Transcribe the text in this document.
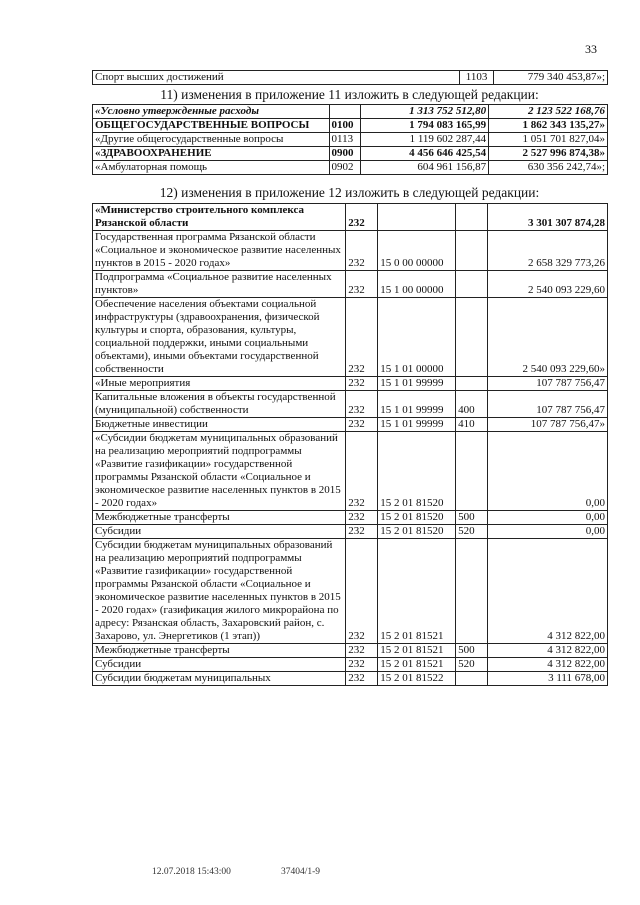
33
Спорт высших достижений	1103	779 340 453,87»;
11) изменения в приложение 11 изложить в следующей редакции:
«Условно утвержденные расходы		1 313 752 512,80	2 123 522 168,76
ОБЩЕГОСУДАРСТВЕННЫЕ ВОПРОСЫ	0100	1 794 083 165,99	1 862 343 135,27»
«Другие общегосударственные вопросы	0113	1 119 602 287,44	1 051 701 827,04»
«ЗДРАВООХРАНЕНИЕ	0900	4 456 646 425,54	2 527 996 874,38»
«Амбулаторная помощь	0902	604 961 156,87	630 356 242,74»;
12) изменения в приложение 12 изложить в следующей редакции:
«Министерство строительного комплекса Рязанской области	232			3 301 307 874,28
Государственная программа Рязанской области «Социальное и экономическое развитие населенных пунктов в 2015 - 2020 годах»	232	15 0 00 00000		2 658 329 773,26
Подпрограмма «Социальное развитие населенных пунктов»	232	15 1 00 00000		2 540 093 229,60
Обеспечение населения объектами социальной инфраструктуры (здравоохранения, физической культуры и спорта, образования, культуры, социальной поддержки, иными социальными объектами), иными объектами государственной собственности	232	15 1 01 00000		2 540 093 229,60»
«Иные мероприятия	232	15 1 01 99999		107 787 756,47
Капитальные вложения в объекты государственной (муниципальной) собственности	232	15 1 01 99999	400	107 787 756,47
Бюджетные инвестиции	232	15 1 01 99999	410	107 787 756,47»
«Субсидии бюджетам муниципальных образований на реализацию мероприятий подпрограммы «Развитие газификации» государственной программы Рязанской области «Социальное и экономическое развитие населенных пунктов в 2015 - 2020 годах»	232	15 2 01 81520		0,00
Межбюджетные трансферты	232	15 2 01 81520	500	0,00
Субсидии	232	15 2 01 81520	520	0,00
Субсидии бюджетам муниципальных образований на реализацию мероприятий подпрограммы «Развитие газификации» государственной программы Рязанской области «Социальное и экономическое развитие населенных пунктов в 2015 - 2020 годах» (газификация жилого микрорайона по адресу: Рязанская область, Захаровский район, с. Захарово, ул. Энергетиков (1 этап))	232	15 2 01 81521		4 312 822,00
Межбюджетные трансферты	232	15 2 01 81521	500	4 312 822,00
Субсидии	232	15 2 01 81521	520	4 312 822,00
Субсидии бюджетам муниципальных	232	15 2 01 81522		3 111 678,00
12.07.2018 15:43:00	37404/1-9
